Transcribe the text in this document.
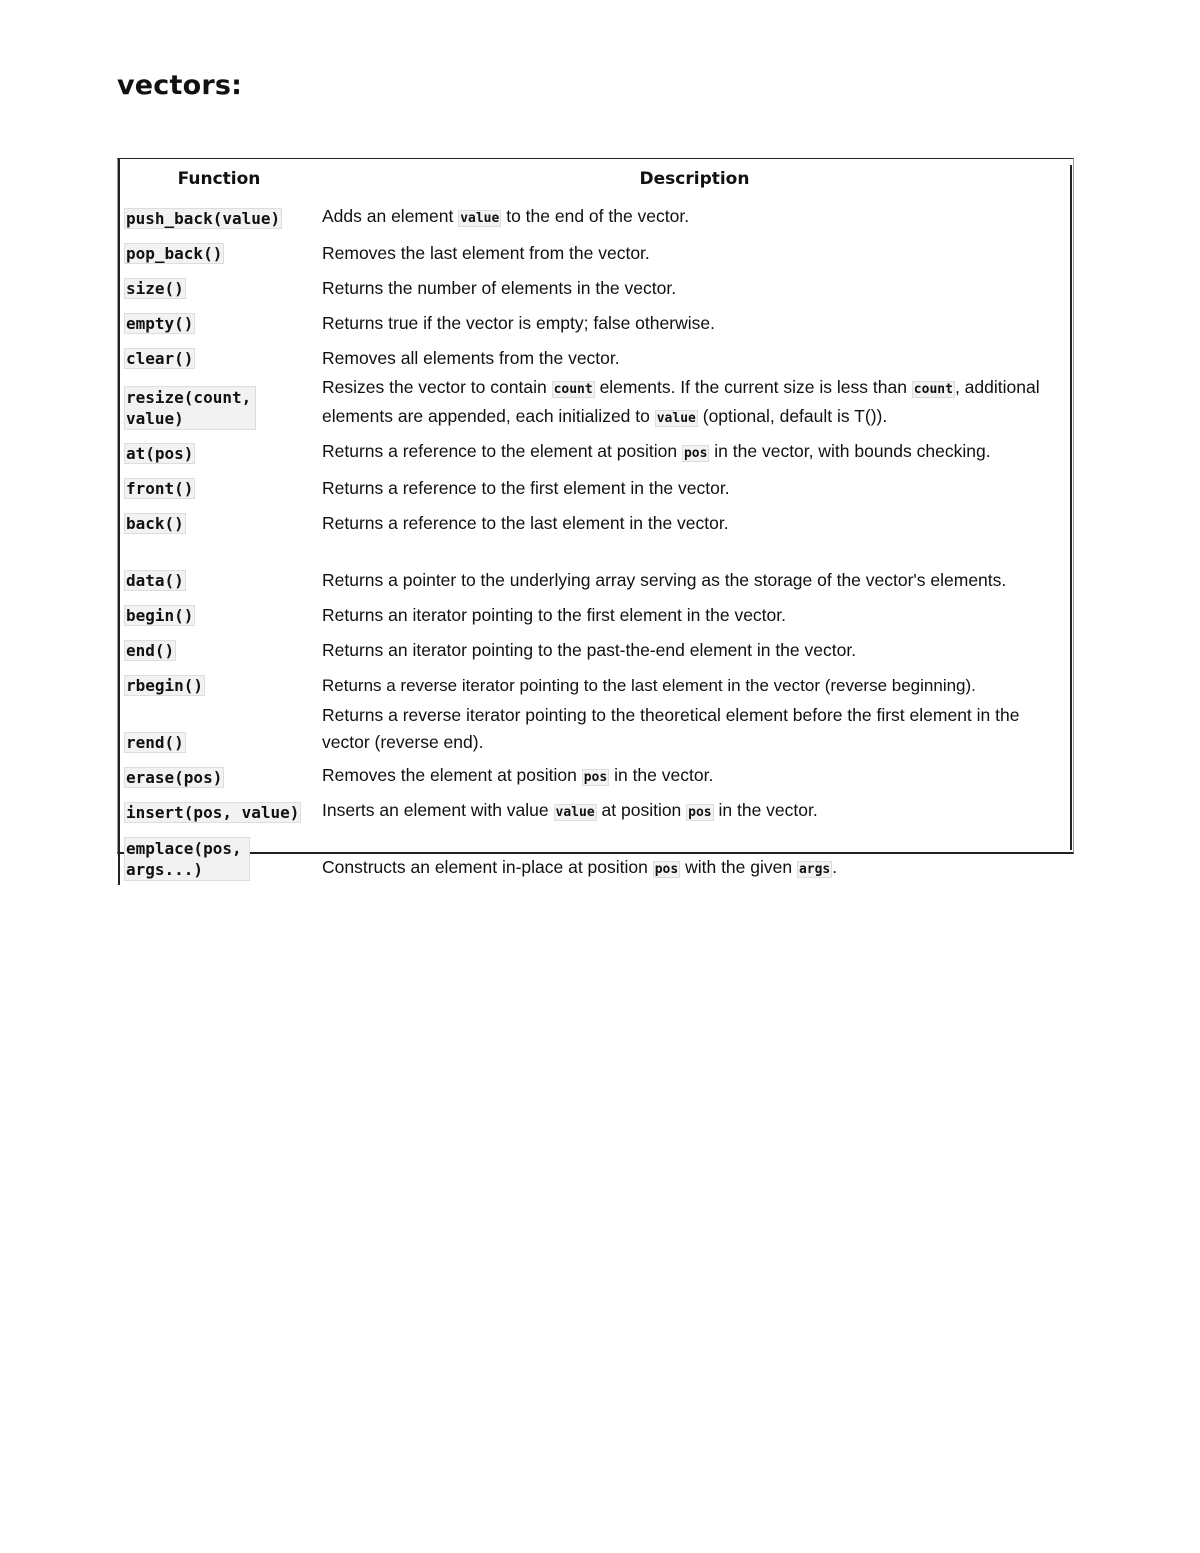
vectors:
Function	Description
push_back(value)	Adds an element value to the end of the vector.
pop_back()	Removes the last element from the vector.
size()	Returns the number of elements in the vector.
empty()	Returns true if the vector is empty; false otherwise.
clear()	Removes all elements from the vector.
resize(count, value)	Resizes the vector to contain count elements. If the current size is less than count , additional elements are appended, each initialized to value (optional, default is T()).
at(pos)	Returns a reference to the element at position pos in the vector, with bounds checking.
front()	Returns a reference to the first element in the vector.
back()	Returns a reference to the last element in the vector.
data()	Returns a pointer to the underlying array serving as the storage of the vector's elements.
begin()	Returns an iterator pointing to the first element in the vector.
end()	Returns an iterator pointing to the past-the-end element in the vector.
rbegin()	Returns a reverse iterator pointing to the last element in the vector (reverse beginning).
rend()	Returns a reverse iterator pointing to the theoretical element before the first element in the vector (reverse end).
erase(pos)	Removes the element at position pos in the vector.
insert(pos, value)	Inserts an element with value value at position pos in the vector.
emplace(pos, args...)	Constructs an element in-place at position pos with the given args .
